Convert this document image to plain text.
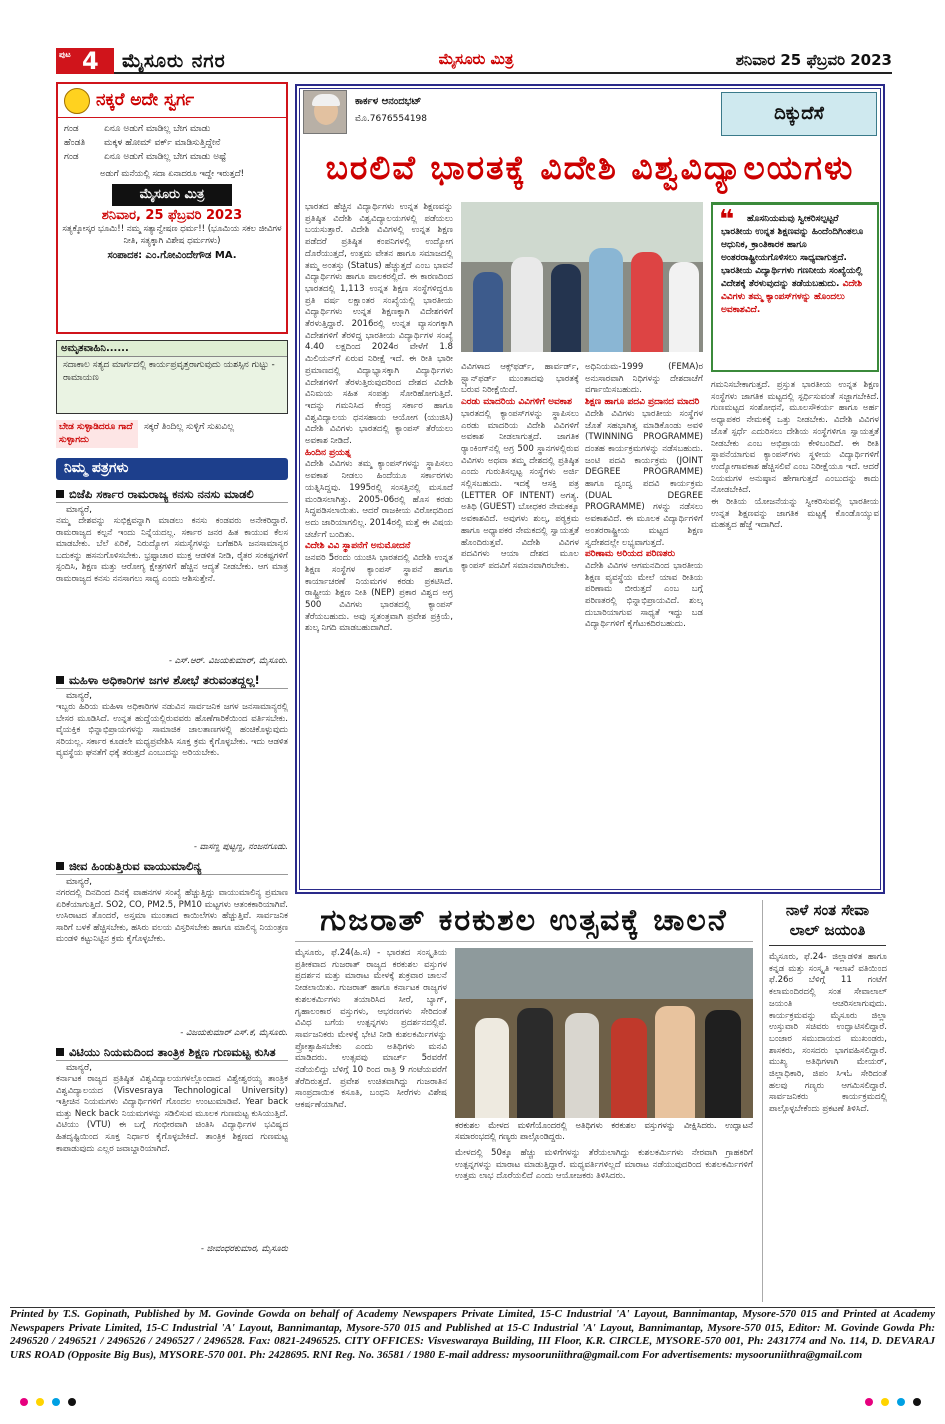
ಪುಟ 4 ಮೈಸೂರು ನಗರ	ಮೈಸೂರು ಮಿತ್ರ	ಶನಿವಾರ 25 ಫೆಬ್ರವರಿ 2023
ನಕ್ಕರೆ ಅದೇ ಸ್ವರ್ಗ
ಗಂಡ	ಏನೂ ಅಡುಗೆ ಮಾಡಿಲ್ಲ ಬೇಗ ಮಾಡು
ಹೆಂಡತಿ	ಮಕ್ಕಳ ಹೋಮ್ ವರ್ಕ್ ಮಾಡಿಸುತ್ತಿದ್ದೇನೆ
ಗಂಡ	ಏನೂ ಅಡುಗೆ ಮಾಡಿಲ್ಲ ಬೇಗ ಮಾಡು ಅಷ್ಟೆ
ಅಡುಗೆ ಮನೆಯಲ್ಲಿ ಸದಾ ಏನಾದರೂ ಇದ್ದೇ ಇರುತ್ತದೆ!
ಮೈಸೂರು ಮಿತ್ರ
ಶನಿವಾರ, 25 ಫೆಬ್ರವರಿ 2023
ಸತ್ಯಕ್ಕೋಸ್ಕರ ಭೂಮಿ!! ನಮ್ಮ ಸತ್ಯಾನ್ವೇಷಣ ಧರ್ಮ!! (ಭೂಮಿಯ ಸಕಲ ಜೀವಿಗಳ ನೀತಿ, ಸತ್ಯಕ್ಕಾಗಿ ವಿಶೇಷ ಧರ್ಮಗಳು)
ಸಂಪಾದಕ: ಎಂ.ಗೋವಿಂದೇಗೌಡ MA.
ಅಮೃತವಾಹಿನಿ......

ಸದಾಕಾಲ ಸತ್ಯದ ಮಾರ್ಗದಲ್ಲಿ ಕಾರ್ಯಪ್ರವೃತ್ತರಾಗುವುದು ಯಶಸ್ಸಿನ ಗುಟ್ಟು - ರಾಮಾಯಣ

ಬೇಡ ಸುಳ್ಳಾಡಿದರೂ ಗಾದೆ ಸುಳ್ಳಾಗದು
ಸಕ್ಕರೆ ತಿಂದಿಲ್ಲ ಸುಳ್ಳಿಗೆ ಸುಖವಿಲ್ಲ
ನಿಮ್ಮ ಪತ್ರಗಳು
ಬಿಜೆಪಿ ಸರ್ಕಾರ ರಾಮರಾಜ್ಯ ಕನಸು ನನಸು ಮಾಡಲಿ
ಮಾನ್ಯರೆ,
ನಮ್ಮ ದೇಶವನ್ನು ಸುಭಿಕ್ಷವನ್ನಾಗಿ ಮಾಡಲು ಕನಸು ಕಂಡವರು ಅನೇಕರಿದ್ದಾರೆ. ರಾಮರಾಜ್ಯದ ಕಲ್ಪನೆ ಇಂದು ನಿನ್ನೆಯದಲ್ಲ. ಸರ್ಕಾರ ಜನರ ಹಿತ ಕಾಯುವ ಕೆಲಸ ಮಾಡಬೇಕು. ಬೆಲೆ ಏರಿಕೆ, ನಿರುದ್ಯೋಗ ಸಮಸ್ಯೆಗಳನ್ನು ಬಗೆಹರಿಸಿ ಜನಸಾಮಾನ್ಯರ ಬದುಕನ್ನು ಹಸನುಗೊಳಿಸಬೇಕು. ಭ್ರಷ್ಟಾಚಾರ ಮುಕ್ತ ಆಡಳಿತ ನೀಡಿ, ರೈತರ ಸಂಕಷ್ಟಗಳಿಗೆ ಸ್ಪಂದಿಸಿ, ಶಿಕ್ಷಣ ಮತ್ತು ಆರೋಗ್ಯ ಕ್ಷೇತ್ರಗಳಿಗೆ ಹೆಚ್ಚಿನ ಆದ್ಯತೆ ನೀಡಬೇಕು. ಆಗ ಮಾತ್ರ ರಾಮರಾಜ್ಯದ ಕನಸು ನನಸಾಗಲು ಸಾಧ್ಯ ಎಂದು ಆಶಿಸುತ್ತೇನೆ.
- ಎಸ್.ಆರ್. ವಿಜಯಕುಮಾರ್, ಮೈಸೂರು.
ಮಹಿಳಾ ಅಧಿಕಾರಿಗಳ ಜಗಳ ಶೋಭೆ ತರುವಂತದ್ದಲ್ಲ!
ಮಾನ್ಯರೆ,
ಇಬ್ಬರು ಹಿರಿಯ ಮಹಿಳಾ ಅಧಿಕಾರಿಗಳ ನಡುವಿನ ಸಾರ್ವಜನಿಕ ಜಗಳ ಜನಸಾಮಾನ್ಯರಲ್ಲಿ ಬೇಸರ ಮೂಡಿಸಿದೆ. ಉನ್ನತ ಹುದ್ದೆಯಲ್ಲಿರುವವರು ಹೊಣೆಗಾರಿಕೆಯಿಂದ ವರ್ತಿಸಬೇಕು. ವೈಯಕ್ತಿಕ ಭಿನ್ನಾಭಿಪ್ರಾಯಗಳನ್ನು ಸಾಮಾಜಿಕ ಜಾಲತಾಣಗಳಲ್ಲಿ ಹಂಚಿಕೊಳ್ಳುವುದು ಸರಿಯಲ್ಲ. ಸರ್ಕಾರ ಕೂಡಲೇ ಮಧ್ಯಪ್ರವೇಶಿಸಿ ಸೂಕ್ತ ಕ್ರಮ ಕೈಗೊಳ್ಳಬೇಕು. ಇದು ಆಡಳಿತ ವ್ಯವಸ್ಥೆಯ ಘನತೆಗೆ ಧಕ್ಕೆ ತರುತ್ತದೆ ಎಂಬುದನ್ನು ಅರಿಯಬೇಕು.
- ವಾಸಣ್ಣ ಪುಟ್ಟಣ್ಣ, ನಂಜನಗೂಡು.
ಜೀವ ಹಿಂಡುತ್ತಿರುವ ವಾಯುಮಾಲಿನ್ಯ
ಮಾನ್ಯರೆ,
ನಗರದಲ್ಲಿ ದಿನದಿಂದ ದಿನಕ್ಕೆ ವಾಹನಗಳ ಸಂಖ್ಯೆ ಹೆಚ್ಚುತ್ತಿದ್ದು ವಾಯುಮಾಲಿನ್ಯ ಪ್ರಮಾಣ ಏರಿಕೆಯಾಗುತ್ತಿದೆ. SO2, CO, PM2.5, PM10 ಮಟ್ಟಗಳು ಆತಂಕಕಾರಿಯಾಗಿವೆ. ಉಸಿರಾಟದ ತೊಂದರೆ, ಅಸ್ತಮಾ ಮುಂತಾದ ಕಾಯಿಲೆಗಳು ಹೆಚ್ಚುತ್ತಿವೆ. ಸಾರ್ವಜನಿಕ ಸಾರಿಗೆ ಬಳಕೆ ಹೆಚ್ಚಿಸಬೇಕು, ಹಸಿರು ವಲಯ ವಿಸ್ತರಿಸಬೇಕು ಹಾಗೂ ಮಾಲಿನ್ಯ ನಿಯಂತ್ರಣ ಮಂಡಳಿ ಕಟ್ಟುನಿಟ್ಟಿನ ಕ್ರಮ ಕೈಗೊಳ್ಳಬೇಕು.
- ವಿಜಯಕುಮಾರ್ ಎಸ್.ಕೆ, ಮೈಸೂರು.
ವಿಟಿಯು ನಿಯಮದಿಂದ ತಾಂತ್ರಿಕ ಶಿಕ್ಷಣ ಗುಣಮಟ್ಟ ಕುಸಿತ
ಮಾನ್ಯರೆ,
ಕರ್ನಾಟಕ ರಾಜ್ಯದ ಪ್ರತಿಷ್ಠಿತ ವಿಶ್ವವಿದ್ಯಾಲಯಗಳಲ್ಲೊಂದಾದ ವಿಶ್ವೇಶ್ವರಯ್ಯ ತಾಂತ್ರಿಕ ವಿಶ್ವವಿದ್ಯಾಲಯದ (Visvesraya Technological University) ಇತ್ತೀಚಿನ ನಿಯಮಗಳು ವಿದ್ಯಾರ್ಥಿಗಳಿಗೆ ಗೊಂದಲ ಉಂಟುಮಾಡಿವೆ. Year back ಮತ್ತು Neck back ನಿಯಮಗಳನ್ನು ಸಡಿಲಿಸುವ ಮೂಲಕ ಗುಣಮಟ್ಟ ಕುಸಿಯುತ್ತಿದೆ. ವಿಟಿಯು (VTU) ಈ ಬಗ್ಗೆ ಗಂಭೀರವಾಗಿ ಚಿಂತಿಸಿ ವಿದ್ಯಾರ್ಥಿಗಳ ಭವಿಷ್ಯದ ಹಿತದೃಷ್ಟಿಯಿಂದ ಸೂಕ್ತ ನಿರ್ಧಾರ ಕೈಗೊಳ್ಳಬೇಕಿದೆ. ತಾಂತ್ರಿಕ ಶಿಕ್ಷಣದ ಗುಣಮಟ್ಟ ಕಾಪಾಡುವುದು ಎಲ್ಲರ ಜವಾಬ್ದಾರಿಯಾಗಿದೆ.
- ಜೀವಂಧರಕುಮಾರ, ಮೈಸೂರು
ಕಾರ್ಕಳ ಆನಂದಭಟ್
ಮೊ.7676554198	ದಿಕ್ಕುದೆಸೆ
ಬರಲಿವೆ ಭಾರತಕ್ಕೆ ವಿದೇಶಿ ವಿಶ್ವವಿದ್ಯಾಲಯಗಳು
ಭಾರತದ ಹೆಚ್ಚಿನ ವಿದ್ಯಾರ್ಥಿಗಳು ಉನ್ನತ ಶಿಕ್ಷಣವನ್ನು ಪ್ರತಿಷ್ಠಿತ ವಿದೇಶಿ ವಿಶ್ವವಿದ್ಯಾಲಯಗಳಲ್ಲಿ ಪಡೆಯಲು ಬಯಸುತ್ತಾರೆ. ವಿದೇಶಿ ವಿವಿಗಳಲ್ಲಿ ಉನ್ನತ ಶಿಕ್ಷಣ ಪಡೆದರೆ ಪ್ರತಿಷ್ಠಿತ ಕಂಪನಿಗಳಲ್ಲಿ ಉದ್ಯೋಗ ದೊರೆಯುತ್ತದೆ, ಉತ್ತಮ ವೇತನ ಹಾಗೂ ಸಮಾಜದಲ್ಲಿ ತಮ್ಮ ಅಂತಸ್ತು (Status) ಹೆಚ್ಚುತ್ತದೆ ಎಂಬ ಭಾವನೆ ವಿದ್ಯಾರ್ಥಿಗಳು ಹಾಗೂ ಪಾಲಕರಲ್ಲಿದೆ. ಈ ಕಾರಣದಿಂದ ಭಾರತದಲ್ಲಿ 1,113 ಉನ್ನತ ಶಿಕ್ಷಣ ಸಂಸ್ಥೆಗಳಿದ್ದರೂ ಪ್ರತಿ ವರ್ಷ ಲಕ್ಷಾಂತರ ಸಂಖ್ಯೆಯಲ್ಲಿ ಭಾರತೀಯ ವಿದ್ಯಾರ್ಥಿಗಳು ಉನ್ನತ ಶಿಕ್ಷಣಕ್ಕಾಗಿ ವಿದೇಶಗಳಿಗೆ ತೆರಳುತ್ತಿದ್ದಾರೆ. 2016ರಲ್ಲಿ ಉನ್ನತ ವ್ಯಾಸಂಗಕ್ಕಾಗಿ ವಿದೇಶಗಳಿಗೆ ತೆರಳಿದ್ದ ಭಾರತೀಯ ವಿದ್ಯಾರ್ಥಿಗಳ ಸಂಖ್ಯೆ 4.40 ಲಕ್ಷದಿಂದ 2024ರ ವೇಳೆಗೆ 1.8 ಮಿಲಿಯನ್‌ಗೆ ಏರುವ ನಿರೀಕ್ಷೆ ಇದೆ. ಈ ರೀತಿ ಭಾರೀ ಪ್ರಮಾಣದಲ್ಲಿ ವಿದ್ಯಾಭ್ಯಾಸಕ್ಕಾಗಿ ವಿದ್ಯಾರ್ಥಿಗಳು ವಿದೇಶಗಳಿಗೆ ತೆರಳುತ್ತಿರುವುದರಿಂದ ದೇಶದ ವಿದೇಶಿ ವಿನಿಮಯ ಸಹಿತ ಸಂಪತ್ತು ಸೋರಿಹೋಗುತ್ತಿದೆ. ಇದನ್ನು ಗಮನಿಸಿದ ಕೇಂದ್ರ ಸರ್ಕಾರ ಹಾಗೂ ವಿಶ್ವವಿದ್ಯಾಲಯ ಧನಸಹಾಯ ಆಯೋಗ (ಯುಜಿಸಿ) ವಿದೇಶಿ ವಿವಿಗಳು ಭಾರತದಲ್ಲಿ ಕ್ಯಾಂಪಸ್ ತೆರೆಯಲು ಅವಕಾಶ ನೀಡಿದೆ.
ಹಿಂದಿನ ಪ್ರಯತ್ನ
ವಿದೇಶಿ ವಿವಿಗಳು ತಮ್ಮ ಕ್ಯಾಂಪಸ್‌ಗಳನ್ನು ಸ್ಥಾಪಿಸಲು ಅವಕಾಶ ನೀಡಲು ಹಿಂದೆಯೂ ಸರ್ಕಾರಗಳು ಯತ್ನಿಸಿದ್ದವು. 1995ರಲ್ಲಿ ಸಂಸತ್ತಿನಲ್ಲಿ ಮಸೂದೆ ಮಂಡಿಸಲಾಗಿತ್ತು. 2005-06ರಲ್ಲಿ ಹೊಸ ಕರಡು ಸಿದ್ಧಪಡಿಸಲಾಯಿತು. ಆದರೆ ರಾಜಕೀಯ ವಿರೋಧದಿಂದ ಅದು ಜಾರಿಯಾಗಲಿಲ್ಲ. 2014ರಲ್ಲಿ ಮತ್ತೆ ಈ ವಿಷಯ ಚರ್ಚೆಗೆ ಬಂದಿತು.
ವಿದೇಶಿ ವಿವಿ ಸ್ಥಾಪನೆಗೆ ಅನುಮೋದನೆ
ಜನವರಿ 5ರಂದು ಯುಜಿಸಿ ಭಾರತದಲ್ಲಿ ವಿದೇಶಿ ಉನ್ನತ ಶಿಕ್ಷಣ ಸಂಸ್ಥೆಗಳ ಕ್ಯಾಂಪಸ್ ಸ್ಥಾಪನೆ ಹಾಗೂ ಕಾರ್ಯಾಚರಣೆ ನಿಯಮಗಳ ಕರಡು ಪ್ರಕಟಿಸಿದೆ. ರಾಷ್ಟ್ರೀಯ ಶಿಕ್ಷಣ ನೀತಿ (NEP) ಪ್ರಕಾರ ವಿಶ್ವದ ಅಗ್ರ 500 ವಿವಿಗಳು ಭಾರತದಲ್ಲಿ ಕ್ಯಾಂಪಸ್ ತೆರೆಯಬಹುದು. ಅವು ಸ್ವತಂತ್ರವಾಗಿ ಪ್ರವೇಶ ಪ್ರಕ್ರಿಯೆ, ಶುಲ್ಕ ನಿಗದಿ ಮಾಡಬಹುದಾಗಿದೆ.
ವಿವಿಗಳಾದ ಆಕ್ಸ್‌ಫರ್ಡ್, ಹಾರ್ವರ್ಡ್, ಸ್ಟ್ಯಾನ್‌ಫರ್ಡ್ ಮುಂತಾದವು ಭಾರತಕ್ಕೆ ಬರುವ ನಿರೀಕ್ಷೆಯಿದೆ.
ಎರಡು ಮಾದರಿಯ ವಿವಿಗಳಿಗೆ ಅವಕಾಶ
ಭಾರತದಲ್ಲಿ ಕ್ಯಾಂಪಸ್‌ಗಳನ್ನು ಸ್ಥಾಪಿಸಲು ಎರಡು ಮಾದರಿಯ ವಿದೇಶಿ ವಿವಿಗಳಿಗೆ ಅವಕಾಶ ನೀಡಲಾಗುತ್ತದೆ. ಜಾಗತಿಕ ರ‍್ಯಾಂಕಿಂಗ್‌ನಲ್ಲಿ ಅಗ್ರ 500 ಸ್ಥಾನಗಳಲ್ಲಿರುವ ವಿವಿಗಳು ಅಥವಾ ತಮ್ಮ ದೇಶದಲ್ಲಿ ಪ್ರತಿಷ್ಠಿತ ಎಂದು ಗುರುತಿಸಲ್ಪಟ್ಟ ಸಂಸ್ಥೆಗಳು ಅರ್ಜಿ ಸಲ್ಲಿಸಬಹುದು. ಇದಕ್ಕೆ ಆಸಕ್ತಿ ಪತ್ರ (LETTER OF INTENT) ಅಗತ್ಯ. ಅತಿಥಿ (GUEST) ಬೋಧಕರ ನೇಮಕಕ್ಕೂ ಅವಕಾಶವಿದೆ. ಅವುಗಳು ಶುಲ್ಕ, ಪಠ್ಯಕ್ರಮ ಹಾಗೂ ಅಧ್ಯಾಪಕರ ನೇಮಕದಲ್ಲಿ ಸ್ವಾಯತ್ತತೆ ಹೊಂದಿರುತ್ತವೆ. ವಿದೇಶಿ ವಿವಿಗಳ ಪದವಿಗಳು ಆಯಾ ದೇಶದ ಮೂಲ ಕ್ಯಾಂಪಸ್ ಪದವಿಗೆ ಸಮಾನವಾಗಿರಬೇಕು.
ಅಧಿನಿಯಮ-1999 (FEMA)ರ ಅನುಸಾರವಾಗಿ ನಿಧಿಗಳನ್ನು ದೇಶದಾಚೆಗೆ ವರ್ಗಾಯಿಸಬಹುದು.
ಶಿಕ್ಷಣ ಹಾಗೂ ಪದವಿ ಪ್ರದಾನದ ಮಾದರಿ
ವಿದೇಶಿ ವಿವಿಗಳು ಭಾರತೀಯ ಸಂಸ್ಥೆಗಳ ಜೊತೆ ಸಹಭಾಗಿತ್ವ ಮಾಡಿಕೊಂಡು ಅವಳಿ (TWINNING PROGRAMME) ದಂತಹ ಕಾರ್ಯಕ್ರಮಗಳನ್ನು ನಡೆಸಬಹುದು. ಜಂಟಿ ಪದವಿ ಕಾರ್ಯಕ್ರಮ (JOINT DEGREE PROGRAMME) ಹಾಗೂ ದ್ವಂದ್ವ ಪದವಿ ಕಾರ್ಯಕ್ರಮ (DUAL DEGREE PROGRAMME) ಗಳನ್ನು ನಡೆಸಲು ಅವಕಾಶವಿದೆ. ಈ ಮೂಲಕ ವಿದ್ಯಾರ್ಥಿಗಳಿಗೆ ಅಂತರರಾಷ್ಟ್ರೀಯ ಮಟ್ಟದ ಶಿಕ್ಷಣ ಸ್ವದೇಶದಲ್ಲೇ ಲಭ್ಯವಾಗುತ್ತದೆ.
ಪರಿಣಾಮ ಅರಿಯದ ಪರಿಣತರು
ವಿದೇಶಿ ವಿವಿಗಳ ಆಗಮನದಿಂದ ಭಾರತೀಯ ಶಿಕ್ಷಣ ವ್ಯವಸ್ಥೆಯ ಮೇಲೆ ಯಾವ ರೀತಿಯ ಪರಿಣಾಮ ಬೀರುತ್ತದೆ ಎಂಬ ಬಗ್ಗೆ ಪರಿಣತರಲ್ಲಿ ಭಿನ್ನಾಭಿಪ್ರಾಯವಿದೆ. ಶುಲ್ಕ ದುಬಾರಿಯಾಗುವ ಸಾಧ್ಯತೆ ಇದ್ದು ಬಡ ವಿದ್ಯಾರ್ಥಿಗಳಿಗೆ ಕೈಗೆಟುಕದಿರಬಹುದು.
❝	ಹೊಸನಿಯಮವು ಸ್ವೀಕರಿಸಲ್ಪಟ್ಟರೆ ಭಾರತೀಯ ಉನ್ನತ ಶಿಕ್ಷಣವನ್ನು ಹಿಂದೆಂದಿಗಿಂತಲೂ ಆಧುನಿಕ, ಕ್ರಾಂತಿಕಾರಕ ಹಾಗೂ ಅಂತರರಾಷ್ಟ್ರೀಯಗೊಳಿಸಲು ಸಾಧ್ಯವಾಗುತ್ತದೆ. ಭಾರತೀಯ ವಿದ್ಯಾರ್ಥಿಗಳು ಗಣನೀಯ ಸಂಖ್ಯೆಯಲ್ಲಿ ವಿದೇಶಕ್ಕೆ ತೆರಳುವುದನ್ನು ತಡೆಯಬಹುದು. ವಿದೇಶಿ ವಿವಿಗಳು ತಮ್ಮ ಕ್ಯಾಂಪಸ್‌ಗಳನ್ನು ಹೊಂದಲು ಅವಕಾಶವಿದೆ.

ಗಮನಿಸಬೇಕಾಗುತ್ತದೆ. ಪ್ರಸ್ತುತ ಭಾರತೀಯ ಉನ್ನತ ಶಿಕ್ಷಣ ಸಂಸ್ಥೆಗಳು ಜಾಗತಿಕ ಮಟ್ಟದಲ್ಲಿ ಸ್ಪರ್ಧಿಸುವಂತೆ ಸಜ್ಜಾಗಬೇಕಿದೆ. ಗುಣಮಟ್ಟದ ಸಂಶೋಧನೆ, ಮೂಲಸೌಕರ್ಯ ಹಾಗೂ ಅರ್ಹ ಅಧ್ಯಾಪಕರ ನೇಮಕಕ್ಕೆ ಒತ್ತು ನೀಡಬೇಕು. ವಿದೇಶಿ ವಿವಿಗಳ ಜೊತೆ ಸ್ಪರ್ಧೆ ಎದುರಿಸಲು ದೇಶಿಯ ಸಂಸ್ಥೆಗಳಿಗೂ ಸ್ವಾಯತ್ತತೆ ನೀಡಬೇಕು ಎಂಬ ಅಭಿಪ್ರಾಯ ಕೇಳಿಬಂದಿದೆ. ಈ ರೀತಿ ಸ್ಥಾಪನೆಯಾಗುವ ಕ್ಯಾಂಪಸ್‌ಗಳು ಸ್ಥಳೀಯ ವಿದ್ಯಾರ್ಥಿಗಳಿಗೆ ಉದ್ಯೋಗಾವಕಾಶ ಹೆಚ್ಚಿಸಲಿವೆ ಎಂಬ ನಿರೀಕ್ಷೆಯೂ ಇದೆ. ಆದರೆ ನಿಯಮಗಳ ಅನುಷ್ಠಾನ ಹೇಗಾಗುತ್ತದೆ ಎಂಬುದನ್ನು ಕಾದು ನೋಡಬೇಕಿದೆ.
ಈ ರೀತಿಯ ಯೋಜನೆಯನ್ನು ಸ್ವೀಕರಿಸುವಲ್ಲಿ ಭಾರತೀಯ ಉನ್ನತ ಶಿಕ್ಷಣವನ್ನು ಜಾಗತಿಕ ಮಟ್ಟಕ್ಕೆ ಕೊಂಡೊಯ್ಯುವ ಮಹತ್ವದ ಹೆಜ್ಜೆ ಇದಾಗಿದೆ.
ಗುಜರಾತ್ ಕರಕುಶಲ ಉತ್ಸವಕ್ಕೆ ಚಾಲನೆ
ಮೈಸೂರು, ಫೆ.24(ಹಿ.ಸ) - ಭಾರತದ ಸಂಸ್ಕೃತಿಯ ಪ್ರತೀಕವಾದ ಗುಜರಾತ್ ರಾಜ್ಯದ ಕರಕುಶಲ ವಸ್ತುಗಳ ಪ್ರದರ್ಶನ ಮತ್ತು ಮಾರಾಟ ಮೇಳಕ್ಕೆ ಶುಕ್ರವಾರ ಚಾಲನೆ ನೀಡಲಾಯಿತು. ಗುಜರಾತ್ ಹಾಗೂ ಕರ್ನಾಟಕ ರಾಜ್ಯಗಳ ಕುಶಲಕರ್ಮಿಗಳು ತಯಾರಿಸಿದ ಸೀರೆ, ಬ್ಯಾಗ್, ಗೃಹಾಲಂಕಾರ ವಸ್ತುಗಳು, ಆಭರಣಗಳು ಸೇರಿದಂತೆ ವಿವಿಧ ಬಗೆಯ ಉತ್ಪನ್ನಗಳು ಪ್ರದರ್ಶನದಲ್ಲಿವೆ. ಸಾರ್ವಜನಿಕರು ಮೇಳಕ್ಕೆ ಭೇಟಿ ನೀಡಿ ಕುಶಲಕರ್ಮಿಗಳನ್ನು ಪ್ರೋತ್ಸಾಹಿಸಬೇಕು ಎಂದು ಅತಿಥಿಗಳು ಮನವಿ ಮಾಡಿದರು. ಉತ್ಸವವು ಮಾರ್ಚ್ 5ರವರೆಗೆ ನಡೆಯಲಿದ್ದು ಬೆಳಿಗ್ಗೆ 10 ರಿಂದ ರಾತ್ರಿ 9 ಗಂಟೆಯವರೆಗೆ ತೆರೆದಿರುತ್ತದೆ. ಪ್ರವೇಶ ಉಚಿತವಾಗಿದ್ದು ಗುಜರಾತಿನ ಸಾಂಪ್ರದಾಯಿಕ ಕಸೂತಿ, ಬಂಧನಿ ಸೀರೆಗಳು ವಿಶೇಷ ಆಕರ್ಷಣೆಯಾಗಿವೆ.
ಕರಕುಶಲ ಮೇಳದ ಮಳಿಗೆಯೊಂದರಲ್ಲಿ ಅತಿಥಿಗಳು ಕರಕುಶಲ ವಸ್ತುಗಳನ್ನು ವೀಕ್ಷಿಸಿದರು. ಉದ್ಘಾಟನೆ ಸಮಾರಂಭದಲ್ಲಿ ಗಣ್ಯರು ಪಾಲ್ಗೊಂಡಿದ್ದರು.
ಮೇಳದಲ್ಲಿ 50ಕ್ಕೂ ಹೆಚ್ಚು ಮಳಿಗೆಗಳನ್ನು ತೆರೆಯಲಾಗಿದ್ದು ಕುಶಲಕರ್ಮಿಗಳು ನೇರವಾಗಿ ಗ್ರಾಹಕರಿಗೆ ಉತ್ಪನ್ನಗಳನ್ನು ಮಾರಾಟ ಮಾಡುತ್ತಿದ್ದಾರೆ. ಮಧ್ಯವರ್ತಿಗಳಿಲ್ಲದೆ ಮಾರಾಟ ನಡೆಯುವುದರಿಂದ ಕುಶಲಕರ್ಮಿಗಳಿಗೆ ಉತ್ತಮ ಲಾಭ ದೊರೆಯಲಿದೆ ಎಂದು ಆಯೋಜಕರು ತಿಳಿಸಿದರು.
ನಾಳೆ ಸಂತ ಸೇವಾ ಲಾಲ್ ಜಯಂತಿ
ಮೈಸೂರು, ಫೆ.24- ಜಿಲ್ಲಾಡಳಿತ ಹಾಗೂ ಕನ್ನಡ ಮತ್ತು ಸಂಸ್ಕೃತಿ ಇಲಾಖೆ ವತಿಯಿಂದ ಫೆ.26ರ ಬೆಳಿಗ್ಗೆ 11 ಗಂಟೆಗೆ ಕಲಾಮಂದಿರದಲ್ಲಿ ಸಂತ ಸೇವಾಲಾಲ್ ಜಯಂತಿ ಆಚರಿಸಲಾಗುವುದು. ಕಾರ್ಯಕ್ರಮವನ್ನು ಮೈಸೂರು ಜಿಲ್ಲಾ ಉಸ್ತುವಾರಿ ಸಚಿವರು ಉದ್ಘಾಟಿಸಲಿದ್ದಾರೆ. ಬಂಜಾರ ಸಮುದಾಯದ ಮುಖಂಡರು, ಶಾಸಕರು, ಸಂಸದರು ಭಾಗವಹಿಸಲಿದ್ದಾರೆ. ಮುಖ್ಯ ಅತಿಥಿಗಳಾಗಿ ಮೇಯರ್, ಜಿಲ್ಲಾಧಿಕಾರಿ, ಜಿಪಂ ಸಿಇಓ ಸೇರಿದಂತೆ ಹಲವು ಗಣ್ಯರು ಆಗಮಿಸಲಿದ್ದಾರೆ. ಸಾರ್ವಜನಿಕರು ಕಾರ್ಯಕ್ರಮದಲ್ಲಿ ಪಾಲ್ಗೊಳ್ಳಬೇಕೆಂದು ಪ್ರಕಟಣೆ ತಿಳಿಸಿದೆ.
Printed by T.S. Gopinath, Published by M. Govinde Gowda on behalf of Academy Newspapers Private Limited, 15-C Industrial 'A' Layout, Bannimantap, Mysore-570 015 and Printed at Academy Newspapers Private Limited, 15-C Industrial 'A' Layout, Bannimantap, Mysore-570 015 and Published at 15-C Industrial 'A' Layout, Bannimantap, Mysore-570 015, Editor: M. Govinde Gowda Ph: 2496520 / 2496521 / 2496526 / 2496527 / 2496528. Fax: 0821-2496525. CITY OFFICES: Visveswaraya Building, III Floor, K.R. CIRCLE, MYSORE-570 001, Ph: 2431774 and No. 114, D. DEVARAJ URS ROAD (Opposite Big Bus), MYSORE-570 001. Ph: 2428695. RNI Reg. No. 36581 / 1980 E-mail address: mysooruniithra@gmail.com For advertisements: mysooruniithra@gmail.com
